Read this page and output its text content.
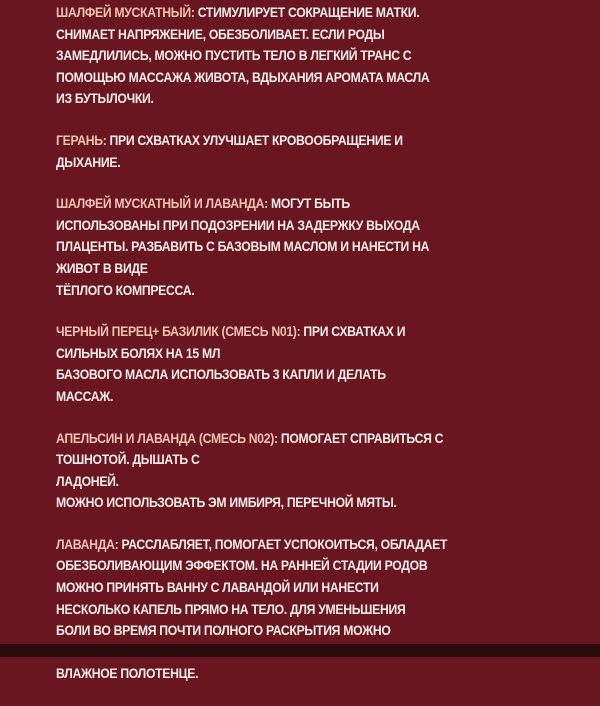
ШАЛФЕЙ МУСКАТНЫЙ: СТИМУЛИРУЕТ СОКРАЩЕНИЕ МАТКИ.
СНИМАЕТ НАПРЯЖЕНИЕ, ОБЕЗБОЛИВАЕТ. ЕСЛИ РОДЫ
ЗАМЕДЛИЛИСЬ, МОЖНО ПУСТИТЬ ТЕЛО В ЛЕГКИЙ ТРАНС С
ПОМОЩЬЮ МАССАЖА ЖИВОТА, ВДЫХАНИЯ АРОМАТА МАСЛА
ИЗ БУТЫЛОЧКИ.

ГЕРАНЬ: ПРИ СХВАТКАХ УЛУЧШАЕТ КРОВООБРАЩЕНИЕ И
ДЫХАНИЕ.

ШАЛФЕЙ МУСКАТНЫЙ И ЛАВАНДА: МОГУТ БЫТЬ
ИСПОЛЬЗОВАНЫ ПРИ ПОДОЗРЕНИИ НА ЗАДЕРЖКУ ВЫХОДА
ПЛАЦЕНТЫ. РАЗБАВИТЬ С БАЗОВЫМ МАСЛОМ И НАНЕСТИ НА
ЖИВОТ В ВИДЕ
ТЁПЛОГО КОМПРЕССА.

ЧЕРНЫЙ ПЕРЕЦ+ БАЗИЛИК (СМЕСЬ N01): ПРИ СХВАТКАХ И
СИЛЬНЫХ БОЛЯХ НА 15 МЛ
БАЗОВОГО МАСЛА ИСПОЛЬЗОВАТЬ 3 КАПЛИ И ДЕЛАТЬ
МАССАЖ.

АПЕЛЬСИН И ЛАВАНДА (СМЕСЬ N02): ПОМОГАЕТ СПРАВИТЬСЯ С
ТОШНОТОЙ. ДЫШАТЬ С
ЛАДОНЕЙ.
МОЖНО ИСПОЛЬЗОВАТЬ ЭМ ИМБИРЯ, ПЕРЕЧНОЙ МЯТЫ.

ЛАВАНДА: РАССЛАБЛЯЕТ, ПОМОГАЕТ УСПОКОИТЬСЯ, ОБЛАДАЕТ
ОБЕЗБОЛИВАЮЩИМ ЭФФЕКТОМ. НА РАННЕЙ СТАДИИ РОДОВ
МОЖНО ПРИНЯТЬ ВАННУ С ЛАВАНДОЙ ИЛИ НАНЕСТИ
НЕСКОЛЬКО КАПЕЛЬ ПРЯМО НА ТЕЛО. ДЛЯ УМЕНЬШЕНИЯ
БОЛИ ВО ВРЕМЯ ПОЧТИ ПОЛНОГО РАСКРЫТИЯ МОЖНО
ВЛАЖНОЕ ПОЛОТЕНЦЕ.
